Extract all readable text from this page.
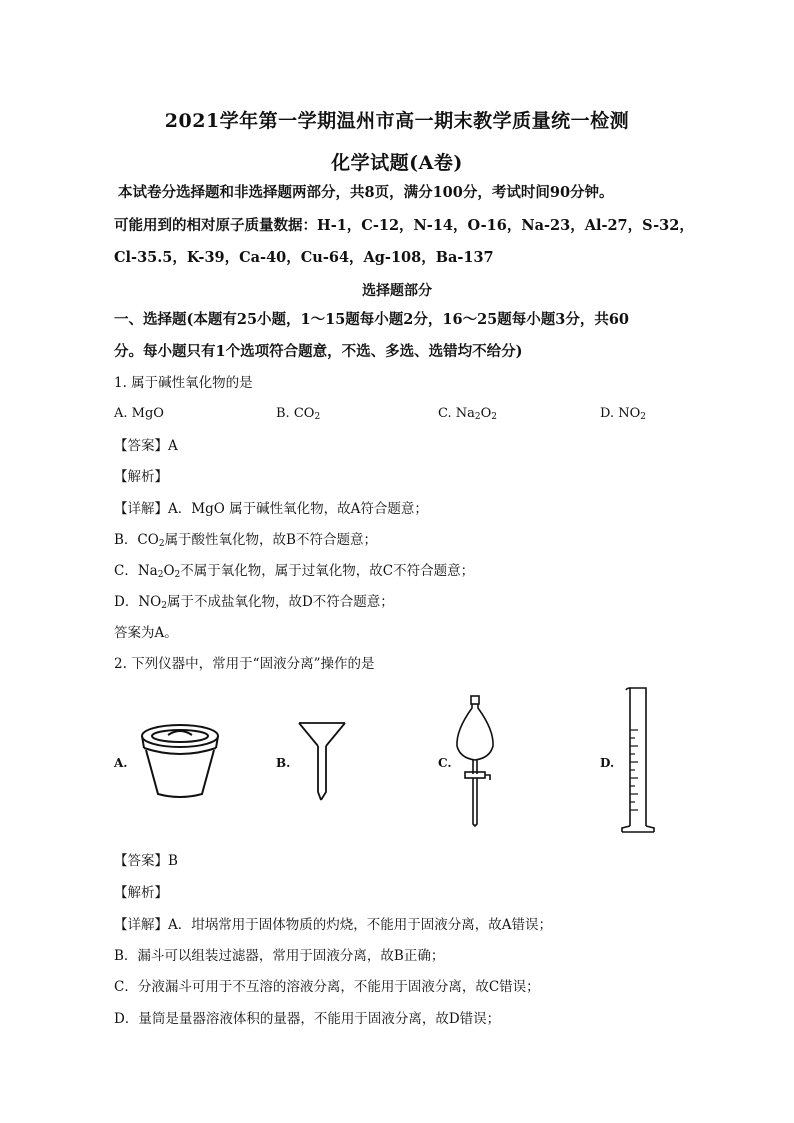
2021学年第一学期温州市高一期末教学质量统一检测
化学试题(A卷)
本试卷分选择题和非选择题两部分，共8页，满分100分，考试时间90分钟。
可能用到的相对原子质量数据：H-1，C-12，N-14，O-16，Na-23，Al-27，S-32，
Cl-35.5，K-39，Ca-40，Cu-64，Ag-108，Ba-137
选择题部分
一、选择题(本题有25小题，1～15题每小题2分，16～25题每小题3分，共60
分。每小题只有1个选项符合题意，不选、多选、选错均不给分)
1. 属于碱性氧化物的是
A. MgO	B. $CO_2$	C. $Na_2O_2$	D. $NO_2$
【答案】A
【解析】
【详解】A．MgO 属于碱性氧化物，故A符合题意；
B．$CO_2$属于酸性氧化物，故B不符合题意；
C．$Na_2O_2$不属于氧化物，属于过氧化物，故C不符合题意；
D．$NO_2$属于不成盐氧化物，故D不符合题意；
答案为A。
2. 下列仪器中，常用于“固液分离”操作的是
A.	B.	C.	D.
【答案】B
【解析】
【详解】A．坩埚常用于固体物质的灼烧，不能用于固液分离，故A错误；
B．漏斗可以组装过滤器，常用于固液分离，故B正确；
C．分液漏斗可用于不互溶的溶液分离，不能用于固液分离，故C错误；
D．量筒是量器溶液体积的量器，不能用于固液分离，故D错误；
